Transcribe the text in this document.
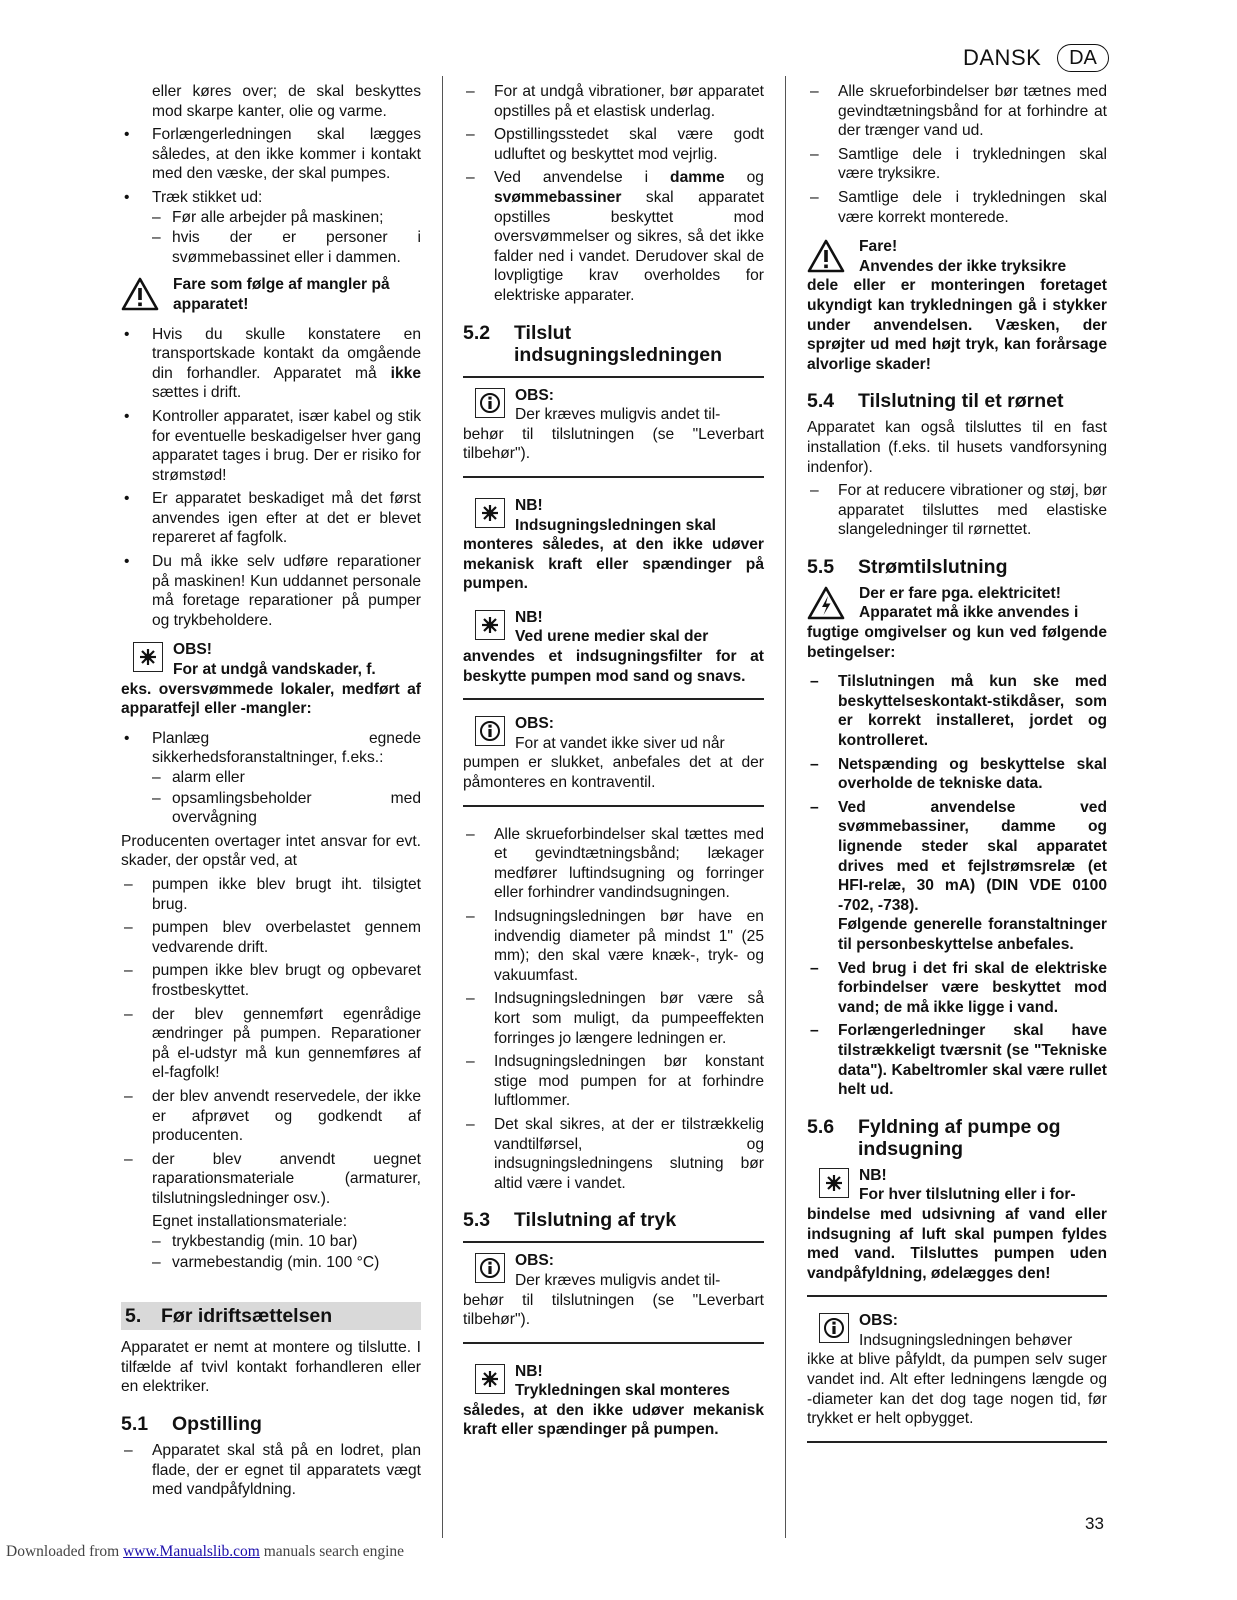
DANSK	DA

eller køres over; de skal beskyttes mod skarpe kanter, olie og varme.

• Forlængerledningen skal lægges således, at den ikke kommer i kontakt med den væske, der skal pumpes.
• Træk stikket ud:
– Før alle arbejder på maskinen;
– hvis der er personer i svømmebassinet eller i dammen.
Fare som følge af mangler på apparatet!
• Hvis du skulle konstatere en transportskade kontakt da omgående din forhandler. Apparatet må ikke sættes i drift.
• Kontroller apparatet, især kabel og stik for eventuelle beskadigelser hver gang apparatet tages i brug. Der er risiko for strømstød!
• Er apparatet beskadiget må det først anvendes igen efter at det er blevet repareret af fagfolk.
• Du må ikke selv udføre reparationer på maskinen! Kun uddannet personale må foretage reparationer på pumper og trykbeholdere.
OBS!
For at undgå vandskader, f.
eks. oversvømmede lokaler, medført af apparatfejl eller -mangler:
• Planlæg egnede sikkerhedsforanstaltninger, f.eks.:
– alarm eller
– opsamlingsbeholder med overvågning

Producenten overtager intet ansvar for evt. skader, der opstår ved, at

– pumpen ikke blev brugt iht. tilsigtet brug.
– pumpen blev overbelastet gennem vedvarende drift.
– pumpen ikke blev brugt og opbevaret frostbeskyttet.
– der blev gennemført egenrådige ændringer på pumpen. Reparationer på el-udstyr må kun gennemføres af el-fagfolk!
– der blev anvendt reservedele, der ikke er afprøvet og godkendt af producenten.
– der blev anvendt uegnet raparationsmateriale (armaturer, tilslutningsledninger osv.).
Egnet installationsmateriale:
– trykbestandig (min. 10 bar)
– varmebestandig (min. 100 °C)
5. Før idriftsættelsen

Apparatet er nemt at montere og tilslutte. I tilfælde af tvivl kontakt forhandleren eller en elektriker.

5.1 Opstilling
– Apparatet skal stå på en lodret, plan flade, der er egnet til apparatets vægt med vandpåfyldning.
– For at undgå vibrationer, bør apparatet opstilles på et elastisk underlag.
– Opstillingsstedet skal være godt udluftet og beskyttet mod vejrlig.
– Ved anvendelse i damme og svømmebassiner skal apparatet opstilles beskyttet mod oversvømmelser og sikres, så det ikke falder ned i vandet. Derudover skal de lovpligtige krav overholdes for elektriske apparater.
5.2 Tilslut indsugningsledningen
OBS:
Der kræves muligvis andet til-
behør til tilslutningen (se "Leverbart tilbehør").
NB!
Indsugningsledningen skal
monteres således, at den ikke udøver mekanisk kraft eller spændinger på pumpen.
NB!
Ved urene medier skal der
anvendes et indsugningsfilter for at beskytte pumpen mod sand og snavs.
OBS:
For at vandet ikke siver ud når
pumpen er slukket, anbefales det at der påmonteres en kontraventil.
– Alle skrueforbindelser skal tættes med et gevindtætningsbånd; lækager medfører luftindsugning og forringer eller forhindrer vandindsugningen.
– Indsugningsledningen bør have en indvendig diameter på mindst 1" (25 mm); den skal være knæk-, tryk- og vakuumfast.
– Indsugningsledningen bør være så kort som muligt, da pumpeeffekten forringes jo længere ledningen er.
– Indsugningsledningen bør konstant stige mod pumpen for at forhindre luftlommer.
– Det skal sikres, at der er tilstrækkelig vandtilførsel, og indsugningsledningens slutning bør altid være i vandet.
5.3 Tilslutning af tryk
OBS:
Der kræves muligvis andet til-
behør til tilslutningen (se "Leverbart tilbehør").
NB!
Trykledningen skal monteres
således, at den ikke udøver mekanisk kraft eller spændinger på pumpen.
– Alle skrueforbindelser bør tætnes med gevindtætningsbånd for at forhindre at der trænger vand ud.
– Samtlige dele i trykledningen skal være tryksikre.
– Samtlige dele i trykledningen skal være korrekt monterede.
Fare!
Anvendes der ikke tryksikre
dele eller er monteringen foretaget ukyndigt kan trykledningen gå i stykker under anvendelsen. Væsken, der sprøjter ud med højt tryk, kan forårsage alvorlige skader!
5.4 Tilslutning til et rørnet

Apparatet kan også tilsluttes til en fast installation (f.eks. til husets vandforsyning indenfor).

– For at reducere vibrationer og støj, bør apparatet tilsluttes med elastiske slangeledninger til rørnettet.
5.5 Strømtilslutning
Der er fare pga. elektricitet!
Apparatet må ikke anvendes i
fugtige omgivelser og kun ved følgende betingelser:
– Tilslutningen må kun ske med beskyttelseskontakt-stikdåser, som er korrekt installeret, jordet og kontrolleret.
– Netspænding og beskyttelse skal overholde de tekniske data.
– Ved anvendelse ved svømmebassiner, damme og lignende steder skal apparatet drives med et fejlstrømsrelæ (et HFI-relæ, 30 mA) (DIN VDE 0100 -702, -738).
Følgende generelle foranstaltninger til personbeskyttelse anbefales.
– Ved brug i det fri skal de elektriske forbindelser være beskyttet mod vand; de må ikke ligge i vand.
– Forlængerledninger skal have tilstrækkeligt tværsnit (se "Tekniske data"). Kabeltromler skal være rullet helt ud.
5.6 Fyldning af pumpe og indsugning
NB!
For hver tilslutning eller i for-
bindelse med udsivning af vand eller indsugning af luft skal pumpen fyldes med vand. Tilsluttes pumpen uden vandpåfyldning, ødelægges den!
OBS:
Indsugningsledningen behøver
ikke at blive påfyldt, da pumpen selv suger vandet ind. Alt efter ledningens længde og -diameter kan det dog tage nogen tid, før trykket er helt opbygget.
33
Downloaded from www.Manualslib.com manuals search engine
